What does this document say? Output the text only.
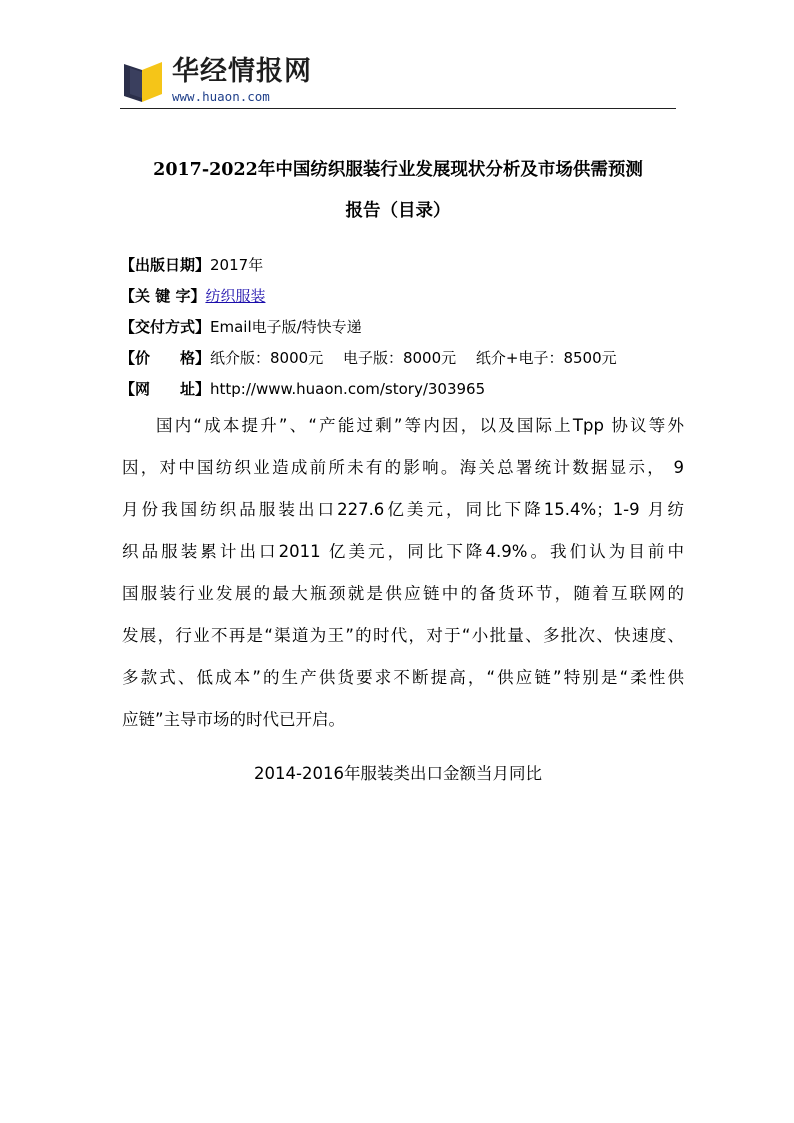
华经情报网
www.huaon.com
2017-2022年中国纺织服装行业发展现状分析及市场供需预测
报告（目录）
【出版日期】2017年
【关 键 字】纺织服装
【交付方式】Email电子版/特快专递
【价　　格】纸介版：8000元　 电子版：8000元　 纸介+电子：8500元
【网　　址】http://www.huaon.com/story/303965
国内“成本提升”、“产能过剩”等内因，以及国际上Tpp 协议等外
因，对中国纺织业造成前所未有的影响。海关总署统计数据显示， 9
月份我国纺织品服装出口227.6亿美元，同比下降15.4%；1-9 月纺
织品服装累计出口2011 亿美元，同比下降4.9%。我们认为目前中
国服装行业发展的最大瓶颈就是供应链中的备货环节，随着互联网的
发展，行业不再是“渠道为王”的时代，对于“小批量、多批次、快速度、
多款式、低成本”的生产供货要求不断提高，“供应链”特别是“柔性供
应链”主导市场的时代已开启。
2014-2016年服装类出口金额当月同比
